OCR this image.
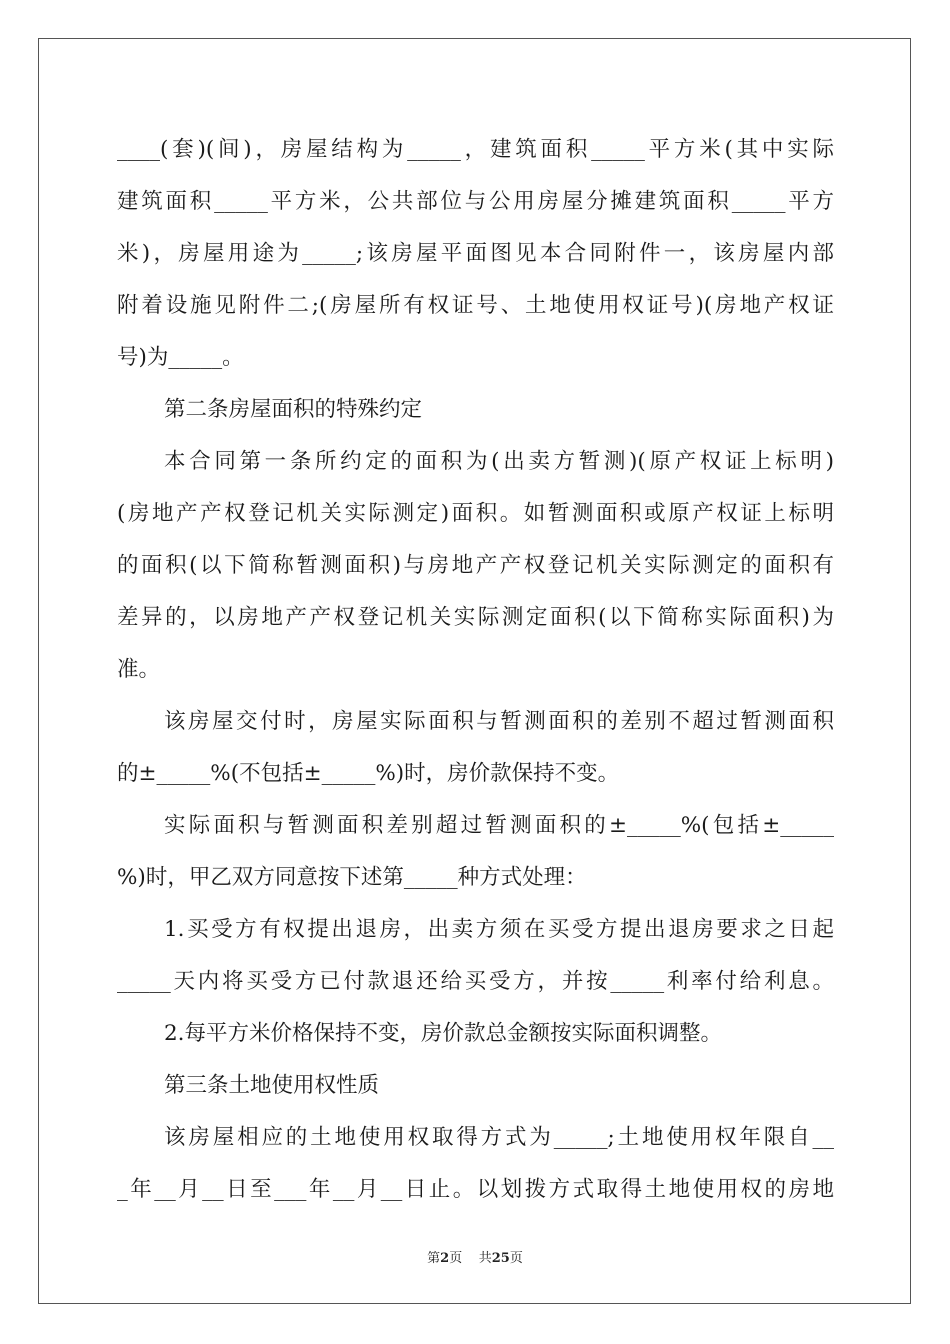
____(套)(间)，房屋结构为_____，建筑面积_____平方米(其中实际
建筑面积_____平方米，公共部位与公用房屋分摊建筑面积_____平方
米)，房屋用途为_____;该房屋平面图见本合同附件一，该房屋内部
附着设施见附件二;(房屋所有权证号、土地使用权证号)(房地产权证
号)为_____。
第二条房屋面积的特殊约定
本合同第一条所约定的面积为(出卖方暂测)(原产权证上标明)
(房地产产权登记机关实际测定)面积。如暂测面积或原产权证上标明
的面积(以下简称暂测面积)与房地产产权登记机关实际测定的面积有
差异的，以房地产产权登记机关实际测定面积(以下简称实际面积)为
准。
该房屋交付时，房屋实际面积与暂测面积的差别不超过暂测面积
的±_____%(不包括±_____%)时，房价款保持不变。
实际面积与暂测面积差别超过暂测面积的±_____%(包括±_____
%)时，甲乙双方同意按下述第_____种方式处理：
1.买受方有权提出退房，出卖方须在买受方提出退房要求之日起
_____天内将买受方已付款退还给买受方，并按_____利率付给利息。
2.每平方米价格保持不变，房价款总金额按实际面积调整。
第三条土地使用权性质
该房屋相应的土地使用权取得方式为_____;土地使用权年限自__
_年__月__日至___年__月__日止。以划拨方式取得土地使用权的房地
第2页    共25页
